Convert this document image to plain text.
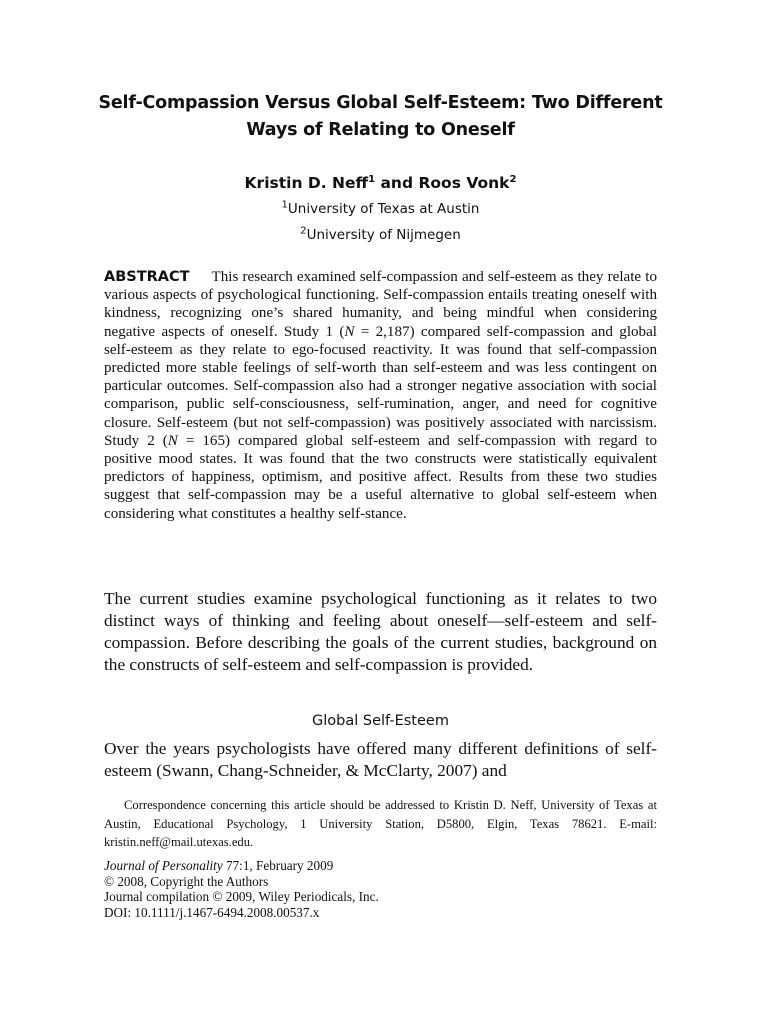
Self-Compassion Versus Global Self-Esteem: Two Different Ways of Relating to Oneself
Kristin D. Neff$^1$ and Roos Vonk$^2$
$^1$University of Texas at Austin
$^2$University of Nijmegen
ABSTRACT This research examined self-compassion and self-esteem as they relate to various aspects of psychological functioning. Self-compassion entails treating oneself with kindness, recognizing one’s shared humanity, and being mindful when considering negative aspects of oneself. Study 1 (N = 2,187) compared self-compassion and global self-esteem as they relate to ego-focused reactivity. It was found that self-compassion predicted more stable feelings of self-worth than self-esteem and was less contingent on particular outcomes. Self-compassion also had a stronger negative association with social comparison, public self-consciousness, self-rumination, anger, and need for cognitive closure. Self-esteem (but not self-compassion) was positively associated with narcissism. Study 2 (N = 165) compared global self-esteem and self-compassion with regard to positive mood states. It was found that the two constructs were statistically equivalent predictors of happiness, optimism, and positive affect. Results from these two studies suggest that self-compassion may be a useful alternative to global self-esteem when considering what constitutes a healthy self-stance.
The current studies examine psychological functioning as it relates to two distinct ways of thinking and feeling about oneself—self-esteem and self-compassion. Before describing the goals of the current studies, background on the constructs of self-esteem and self-compassion is provided.
Global Self-Esteem
Over the years psychologists have offered many different definitions of self-esteem (Swann, Chang-Schneider, & McClarty, 2007) and
Correspondence concerning this article should be addressed to Kristin D. Neff, University of Texas at Austin, Educational Psychology, 1 University Station, D5800, Elgin, Texas 78621. E-mail: kristin.neff@mail.utexas.edu.
Journal of Personality 77:1, February 2009
© 2008, Copyright the Authors
Journal compilation © 2009, Wiley Periodicals, Inc.
DOI: 10.1111/j.1467-6494.2008.00537.x
